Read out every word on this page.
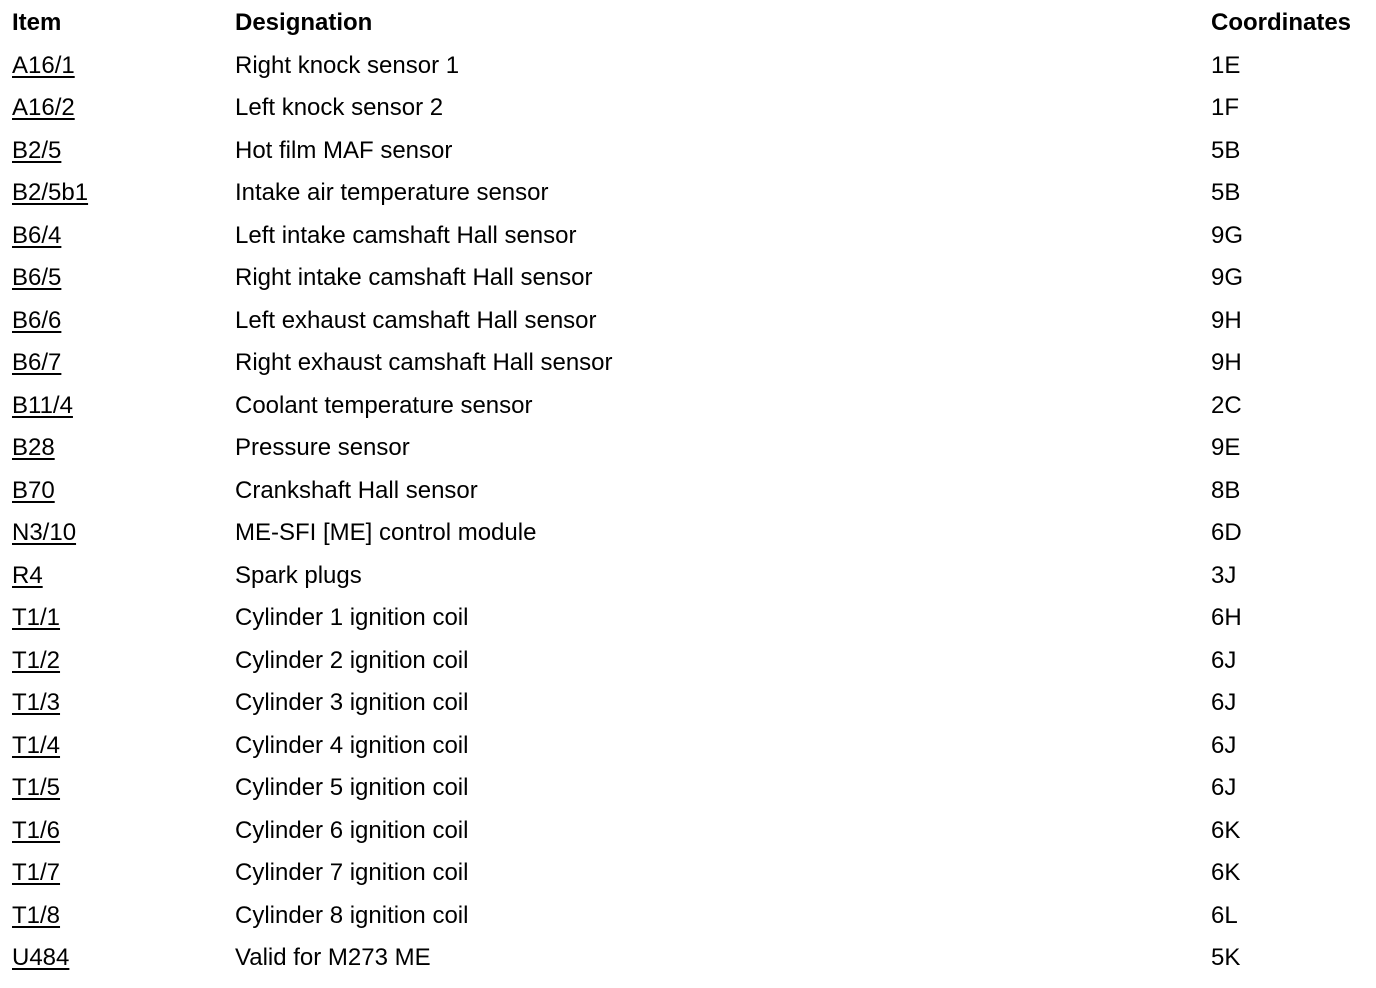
Item	Designation	Coordinates
A16/1	Right knock sensor 1	1E
A16/2	Left knock sensor 2	1F
B2/5	Hot film MAF sensor	5B
B2/5b1	Intake air temperature sensor	5B
B6/4	Left intake camshaft Hall sensor	9G
B6/5	Right intake camshaft Hall sensor	9G
B6/6	Left exhaust camshaft Hall sensor	9H
B6/7	Right exhaust camshaft Hall sensor	9H
B11/4	Coolant temperature sensor	2C
B28	Pressure sensor	9E
B70	Crankshaft Hall sensor	8B
N3/10	ME-SFI [ME] control module	6D
R4	Spark plugs	3J
T1/1	Cylinder 1 ignition coil	6H
T1/2	Cylinder 2 ignition coil	6J
T1/3	Cylinder 3 ignition coil	6J
T1/4	Cylinder 4 ignition coil	6J
T1/5	Cylinder 5 ignition coil	6J
T1/6	Cylinder 6 ignition coil	6K
T1/7	Cylinder 7 ignition coil	6K
T1/8	Cylinder 8 ignition coil	6L
U484	Valid for M273 ME	5K
